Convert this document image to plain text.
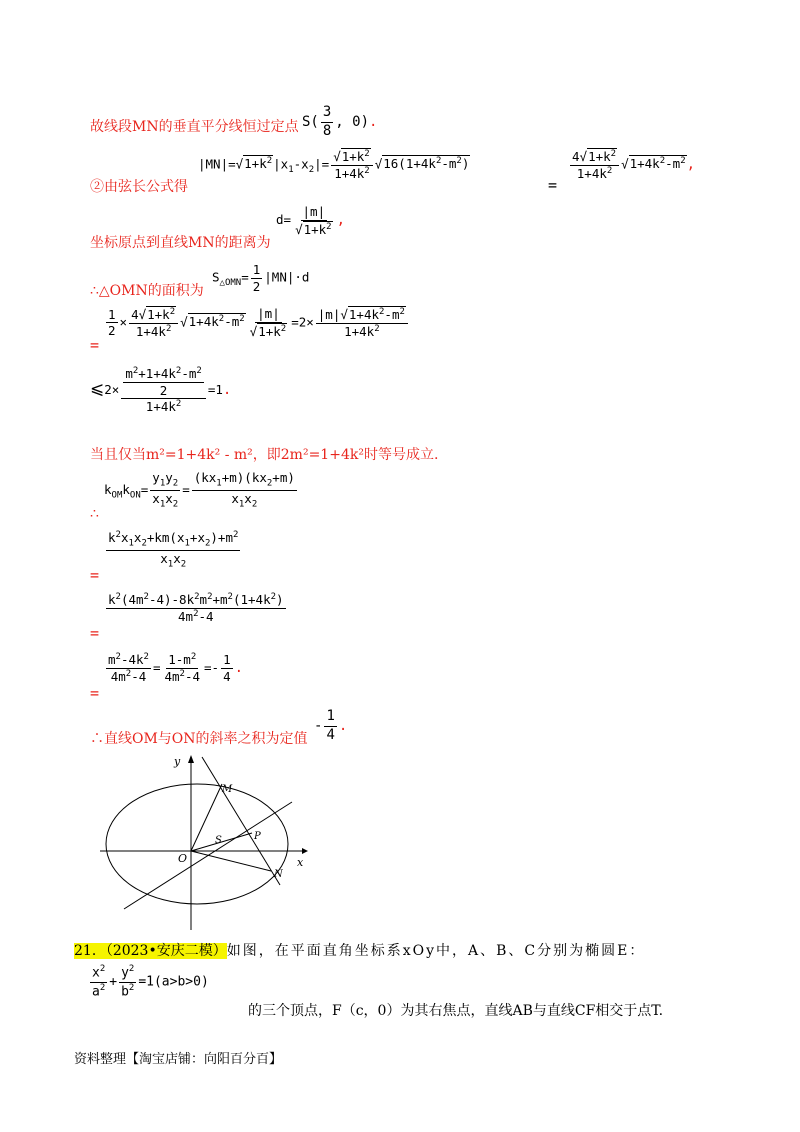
故线段MN的垂直平分线恒过定点 $S( \frac{3}{8}$ , 0).
②由弦长公式得
$|MN|=√1+k^2|x_1-x_2|= \frac{√1+k^2}{1+4k^2} √16(1+4k^2-m^2)$
=
$\frac{4√1+k^2}{1+4k^2} √1+4k^2-m^2$,
坐标原点到直线MN的距离为
$d= \frac{|m|}{√1+k^2}$ ,
∴△OMN的面积为
$S_{\triangle OMN}= \frac{1}{2} |MN|\cdot d$
=
$\frac{1}{2} \times \frac{4√1+k^2}{1+4k^2} √1+4k^2-m^2 \frac{|m|}{√1+k^2} =2\times \frac{|m|√1+4k^2-m^2}{1+4k^2}$
⩽2× $\frac{\frac{m^2+1+4k^2-m^2}{2}}{1+4k^2} =1$.
当且仅当m²=1+4k² - m²，即2m²=1+4k²时等号成立.
∴
$k_{OM}k_{ON}= \frac{y_1y_2}{x_1x_2} = \frac{(kx_1+m)(kx_2+m)}{x_1x_2}$
=
$\frac{k^2x_1x_2+km(x_1+x_2)+m^2}{x_1x_2}$
=
$\frac{k^2(4m^2-4)-8k^2m^2+m^2(1+4k^2)}{4m^2-4}$
=
$\frac{m^2-4k^2}{4m^2-4} = \frac{1-m^2}{4m^2-4} =- \frac{1}{4}$ .
∴直线OM与ON的斜率之积为定值
- $\frac{1}{4}$ .
y
x
O
M
S	P
N
21．（2023•安庆二模）如图，在平面直角坐标系xOy中，A、B、C分别为椭圆E：
$\frac{x^2}{a^2} + \frac{y^2}{b^2} =1(a>b>0)$
的三个顶点，F（c，0）为其右焦点，直线AB与直线CF相交于点T.
资料整理【淘宝店铺：向阳百分百】
